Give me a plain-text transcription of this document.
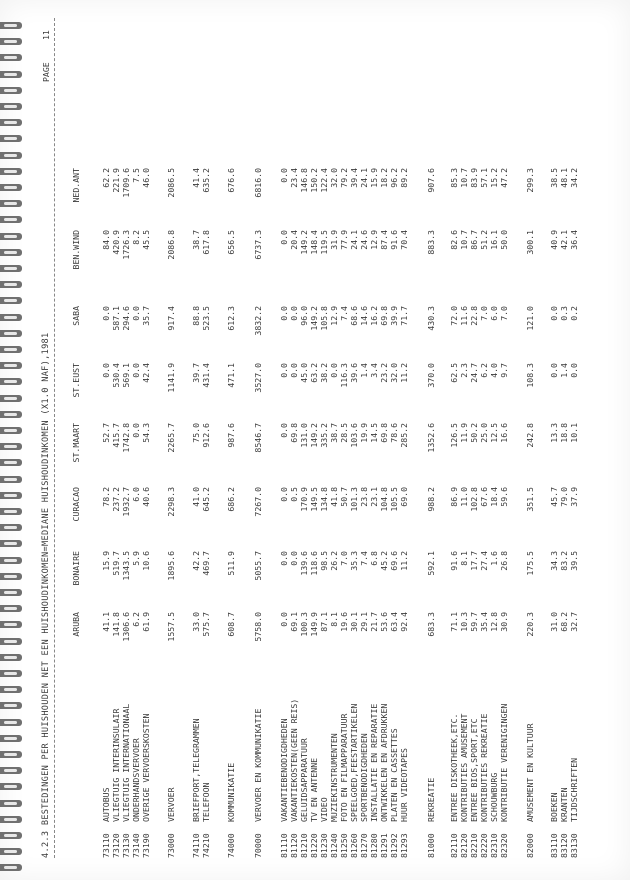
4.2.3 BESTEDINGEN PER HUISHOUDEN NET EEN HUISHOUDINKOMEN=MEDIANE HUISHOUDINKOMEN (X1.0 NAF),1981
PAGE
11
ARUBA
BONAIRE
CURACAO
ST.MAART
ST.EUST
SABA
BEN.WIND
NED.ANT
73110
AUTOBUS
41.1
15.9
78.2
52.7
0.0
0.0
84.0
62.2
73120
VLIEGTUIG INTERINSULAIR
141.8
519.7
237.2
415.7
530.4
587.1
420.9
221.9
73130
VLIEGTUIG INTERNATIONAAL
1306.6
1343.5
1932.7
1742.8
569.1
294.6
1726.3
1709.6
73140
ONDERHANDSVERVOER
6.2
5.9
6.0
0.0
0.0
0.0
8.2
7.5
73190
OVERIGE VERVOERSKOSTEN
61.9
10.6
40.6
54.3
42.4
35.7
45.5
46.0
73000
VERVOER
1557.5
1895.6
2298.3
2265.7
1141.9
917.4
2086.8
2086.5
74110
BRIEFPORT,TELEGRAMMEN
33.0
42.2
41.0
75.0
39.7
88.8
38.7
41.4
74210
TELEFOON
575.7
469.7
645.2
912.6
431.4
523.5
617.8
635.2
74000
KOMMUNIKATIE
608.7
511.9
686.2
987.6
471.1
612.3
656.5
676.6
70000
VERVOER EN KOMMUNIKATIE
5758.0
5055.7
7267.0
8546.7
3527.0
3832.2
6737.3
6816.0
81110
VAKANTIEBENODIGDHEDEN
0.0
0.0
0.0
0.0
0.0
0.0
0.0
0.0
81120
VAKANTIEKOSTEN(GEEN REIS)
69.1
0.0
0.5
69.8
0.0
0.0
20.4
23.4
81210
GELUIDSAPPARATUUR
100.3
139.6
170.9
131.0
45.0
96.0
149.2
146.8
81220
TV EN ANTENNE
149.9
118.6
149.5
149.2
63.2
149.2
148.4
150.2
81230
VIDEO
87.1
98.5
134.8
335.2
38.2
105.8
119.5
122.4
81240
MUZIEKINSTRUMENTEN
8.1
26.2
41.8
38.7
0.0
12.9
31.9
32.0
81250
FOTO EN FILMAPPARATUUR
19.6
7.0
50.7
28.5
116.3
7.4
77.9
79.2
81260
SPEELGOED,FEESTARTIKELEN
30.1
35.3
101.3
103.6
39.6
68.6
24.1
39.4
81270
SPORTBENODIGDHEDEN
29.1
7.4
23.8
19.9
1.4
14.6
24.6
24.1
81280
INSTALLATIE EN REPARATIE
21.7
6.8
23.1
14.5
3.4
16.2
12.9
15.9
81291
ONTWIKKELEN EN AFDRUKKEN
53.6
45.2
104.8
69.8
23.2
69.8
87.4
18.2
81292
PLATEN EN CASSETTES
63.4
69.6
105.5
78.6
32.0
39.9
91.6
96.2
81293
HUUR VIDEOTAPES
92.4
11.2
69.0
285.2
11.2
71.7
70.4
89.2
81000
REKREATIE
683.3
592.1
988.2
1352.6
370.0
430.3
883.3
907.6
82110
ENTREE DISKOTHEEK,ETC.
71.1
91.6
86.9
126.5
62.5
72.0
82.6
85.3
82120
KONTRIBUTIES AMUSEMENT
10.3
8.1
11.0
11.9
2.3
11.6
10.7
10.7
82210
ENTREE BIOS,SPORT,ETC
59.7
17.7
102.8
50.2
24.7
22.8
86.7
83.9
82220
KONTRIBUTIES REKREATIE
35.4
27.4
67.6
25.0
6.2
7.0
51.2
57.1
82310
SCHOUWBURG
12.8
1.6
18.4
12.5
4.0
6.0
16.1
15.2
82320
KONTRIBUTIE VERENIGINGEN
30.9
26.8
59.6
16.6
9.7
7.0
50.0
47.2
82000
AMUSEMENT EN KULTUUR
220.3
175.5
351.5
242.8
108.3
121.0
300.1
299.3
83110
BOEKEN
31.0
34.3
45.7
13.3
0.0
0.0
40.9
38.5
83120
KRANTEN
68.2
83.2
79.0
18.8
1.4
0.3
42.1
48.1
83130
TIJDSCHRIFTEN
32.7
39.5
37.9
10.1
0.0
0.2
36.4
34.2
